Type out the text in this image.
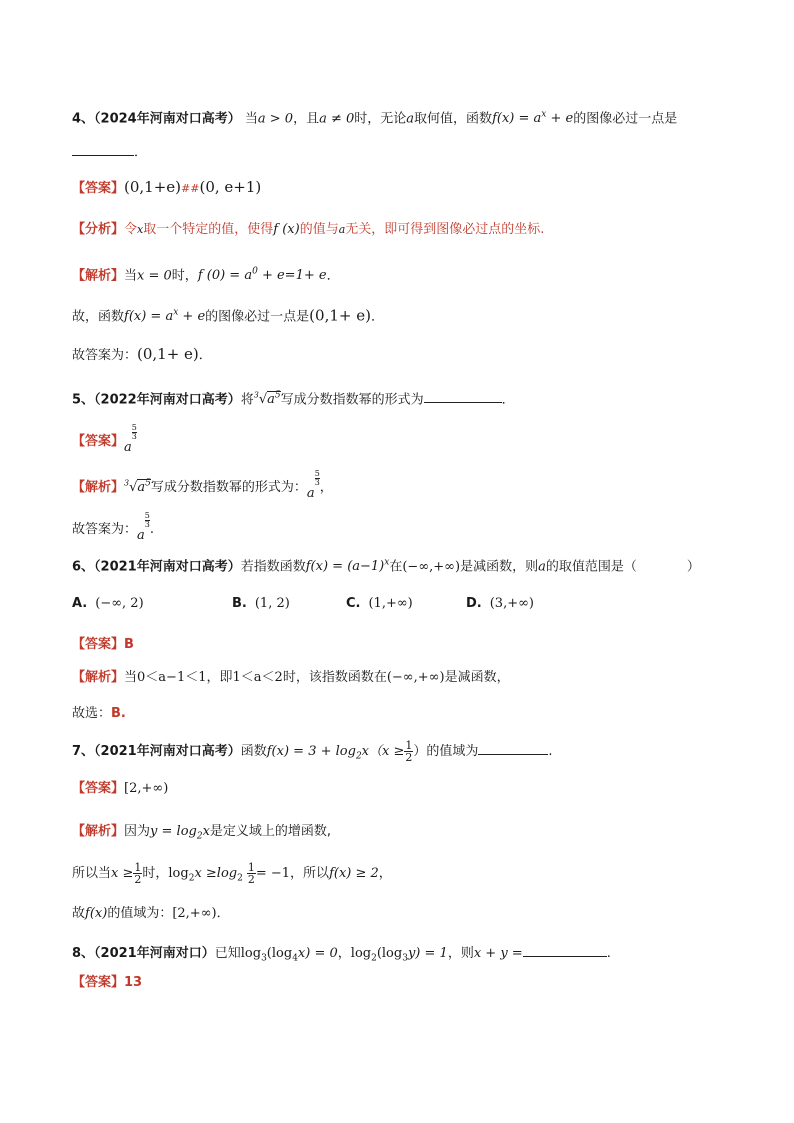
4、（2024年河南对口高考） 当a > 0，且a ≠ 0时，无论a取何值，函数$f(x) = a^x + e$的图像必过一点是
．
【答案】(0,1+e)##(0, e+1)
【分析】令x取一个特定的值，使得f (x)的值与a无关，即可得到图像必过点的坐标.
【解析】当x = 0时，f $(0) = a^0 + e=1+ e$．
故，函数$f(x) = a^x + e$的图像必过一点是(0,1+ e)．
故答案为：(0,1+ e)．
5、（2022年河南对口高考）将$^3√a^5$写成分数指数幂的形式为	．
【答案】a
$\frac{5}{3}$
【解析】$^3√a^5$写成分数指数幂的形式为：a
$\frac{5}{3}$
，
故答案为：a
$\frac{5}{3}$
.
6、（2021年河南对口高考）若指数函数$f(x) = (a-1)^x$在(−∞,+∞)是减函数，则a的取值范围是（	）
A. (−∞, 2)	B. (1, 2)	C. (1,+∞)	D. (3,+∞)
【答案】B
【解析】当0＜a−1＜1，即1＜a＜2时，该指数函数在(−∞,+∞)是减函数，
故选：B.
7、（2021年河南对口高考）函数$f(x) = 3 + \log_2x(x \ge \frac{1}{2}$ ）的值域为	.
【答案】[2,+∞)
【解析】因为$y = \log_2x$是定义域上的增函数,
所以当$x \ge \frac{1}{2}$ 时，$\log_2x \ge\log_2 \frac{1}{2} = -1$，所以f(x) ≥ 2，
故f(x)的值域为：[2,+∞)．
8、（2021年河南对口）已知$\log_3(\log_4x) = 0$，$\log_2(\log_3y) = 1$，则x + y =	.
【答案】13
